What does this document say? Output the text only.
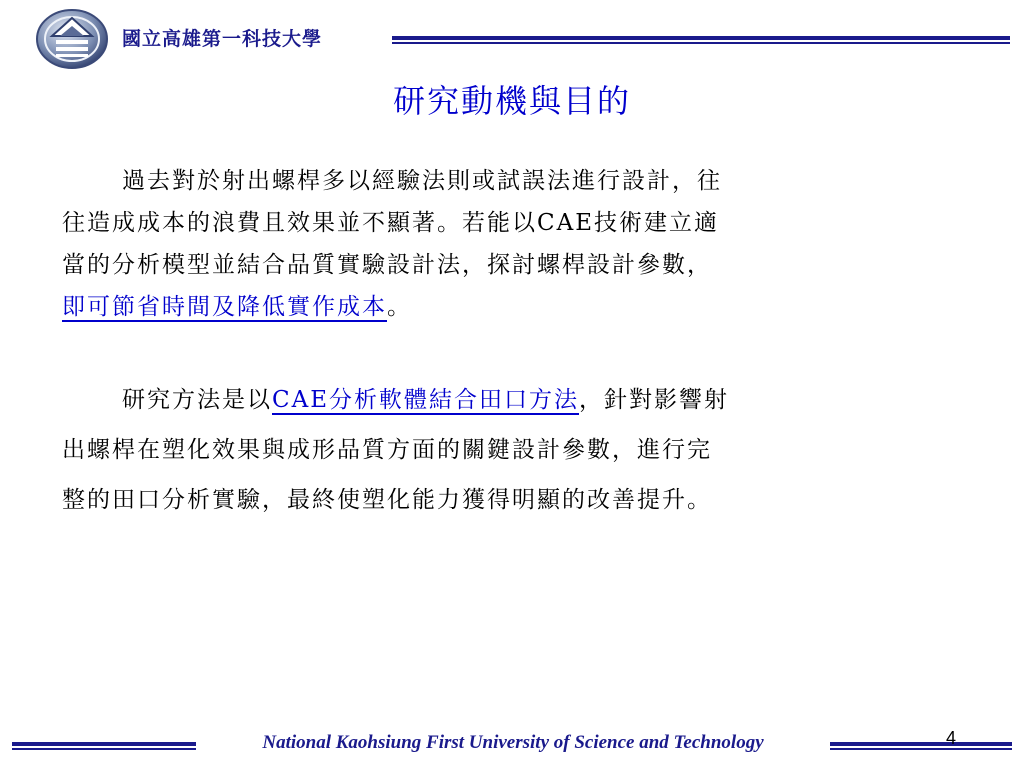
國立高雄第一科技大學
研究動機與目的
過去對於射出螺桿多以經驗法則或試誤法進行設計，往
往造成成本的浪費且效果並不顯著。若能以CAE技術建立適
當的分析模型並結合品質實驗設計法，探討螺桿設計參數，
即可節省時間及降低實作成本。
研究方法是以CAE分析軟體結合田口方法，針對影響射
出螺桿在塑化效果與成形品質方面的關鍵設計參數，進行完
整的田口分析實驗，最終使塑化能力獲得明顯的改善提升。
National Kaohsiung First University of Science and Technology	4
